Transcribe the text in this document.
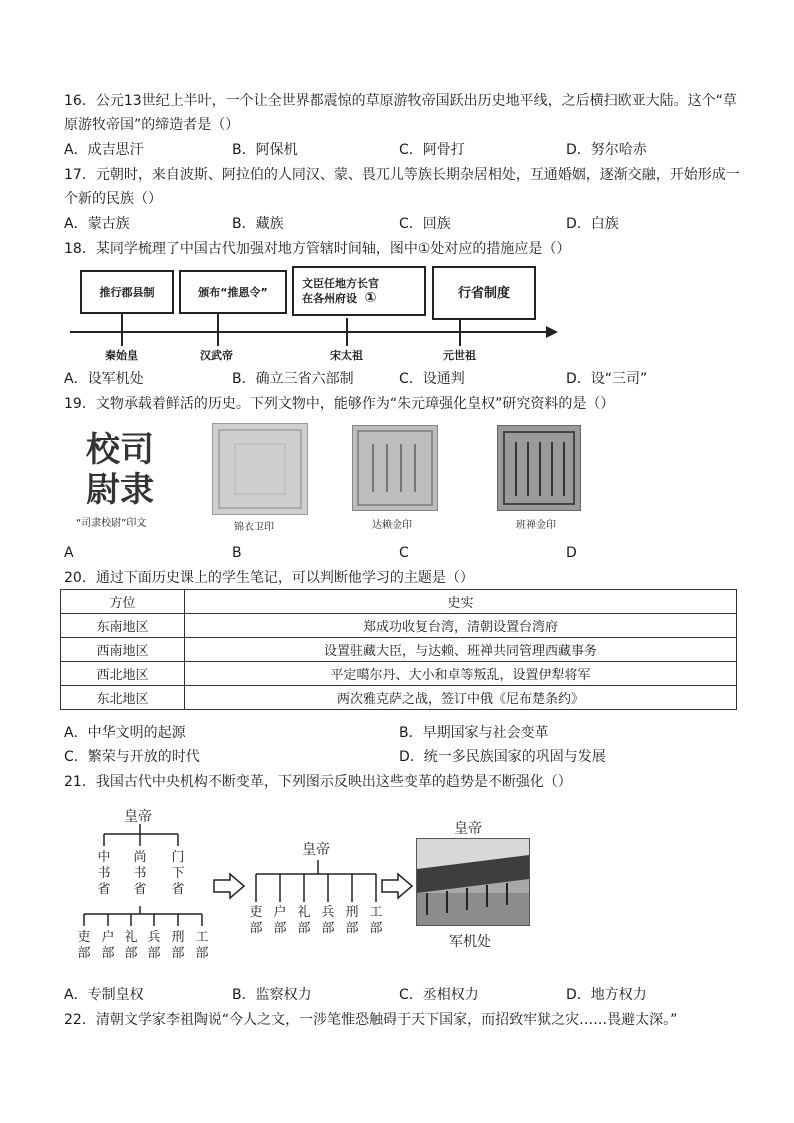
16．公元13世纪上半叶，一个让全世界都震惊的草原游牧帝国跃出历史地平线，之后横扫欧亚大陆。这个“草
原游牧帝国”的缔造者是（）
A．成吉思汗	B．阿保机	C．阿骨打	D．努尔哈赤
17．元朝时，来自波斯、阿拉伯的人同汉、蒙、畏兀儿等族长期杂居相处，互通婚姻，逐渐交融，开始形成一
个新的民族（）
A．蒙古族	B．藏族	C．回族	D．白族
18．某同学梳理了中国古代加强对地方管辖时间轴，图中①处对应的措施应是（）
推行郡县制	颁布“推恩令”
文臣任地方长官
在各州府设 ①	行省制度
秦始皇	汉武帝	宋太祖	元世祖
A．设军机处	B．确立三省六部制	C．设通判	D．设“三司”
19．文物承载着鲜活的历史。下列文物中，能够作为“朱元璋强化皇权”研究资料的是（）
校司
尉隶
“司隶校尉”印文	锦衣卫印	达赖金印	班禅金印
A	B	C	D
20．通过下面历史课上的学生笔记，可以判断他学习的主题是（）
方位	史实
东南地区	郑成功收复台湾，清朝设置台湾府
西南地区	设置驻藏大臣，与达赖、班禅共同管理西藏事务
西北地区	平定噶尔丹、大小和卓等叛乱，设置伊犁将军
东北地区	两次雅克萨之战，签订中俄《尼布楚条约》
A．中华文明的起源	B．早期国家与社会变革
C．繁荣与开放的时代	D．统一多民族国家的巩固与发展
21．我国古代中央机构不断变革，下列图示反映出这些变革的趋势是不断强化（）
皇帝
中书省
尚书省
门下省
吏部
户部
礼部
兵部
刑部
工部
皇帝
吏部
户部
礼部
兵部
刑部
工部
皇帝
军机处
A．专制皇权	B．监察权力	C．丞相权力	D．地方权力
22．清朝文学家李祖陶说“今人之文，一涉笔惟恐触碍于天下国家，而招致牢狱之灾……畏避太深。”
